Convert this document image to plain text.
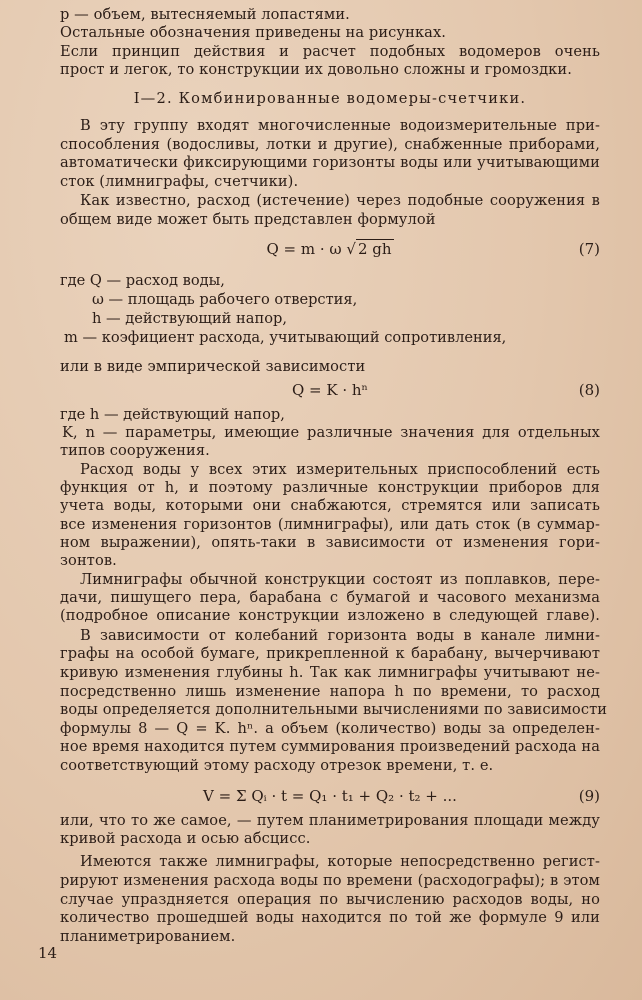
p — объем, вытесняемый лопастями.
Остальные обозначения приведены на рисунках.
Если принцип действия и расчет подобных водомеров очень
прост и легок, то конструкции их довольно сложны и громоздки.
I—2. Комбинированные водомеры-счетчики.
В эту группу входят многочисленные водоизмерительные при-
способления (водосливы, лотки и другие), снабженные приборами,
автоматически фиксирующими горизонты воды или учитывающими
сток (лимниграфы, счетчики).
Как известно, расход (истечение) через подобные сооружения в
общем виде может быть представлен формулой
Q = m · ω √ 2 gh	(7)
где Q — расход воды,
ω — площадь рабочего отверстия,
h — действующий напор,
m — коэфициент расхода, учитывающий сопротивления,
или в виде эмпирической зависимости
Q = K · hⁿ	(8)
где h — действующий напор,
K, n — параметры, имеющие различные значения для отдельных
типов сооружения.
Расход воды у всех этих измерительных приспособлений есть
функция от h, и поэтому различные конструкции приборов для
учета воды, которыми они снабжаются, стремятся или записать
все изменения горизонтов (лимниграфы), или дать сток (в суммар-
ном выражении), опять-таки в зависимости от изменения гори-
зонтов.
Лимниграфы обычной конструкции состоят из поплавков, пере-
дачи, пишущего пера, барабана с бумагой и часового механизма
(подробное описание конструкции изложено в следующей главе).
В зависимости от колебаний горизонта воды в канале лимни-
графы на особой бумаге, прикрепленной к барабану, вычерчивают
кривую изменения глубины h. Так как лимниграфы учитывают не-
посредственно лишь изменение напора h по времени, то расход
воды определяется дополнительными вычислениями по зависимости
формулы 8 — Q = K. hⁿ. а объем (количество) воды за определен-
ное время находится путем суммирования произведений расхода на
соответствующий этому расходу отрезок времени, т. е.
V = Σ Qᵢ · t = Q₁ · t₁ + Q₂ · t₂ + ...	(9)
или, что то же самое, — путем планиметрирования площади между
кривой расхода и осью абсцисс.
Имеются также лимниграфы, которые непосредственно регист-
рируют изменения расхода воды по времени (расходографы); в этом
случае упраздняется операция по вычислению расходов воды, но
количество прошедшей воды находится по той же формуле 9 или
планиметрированием.
14
